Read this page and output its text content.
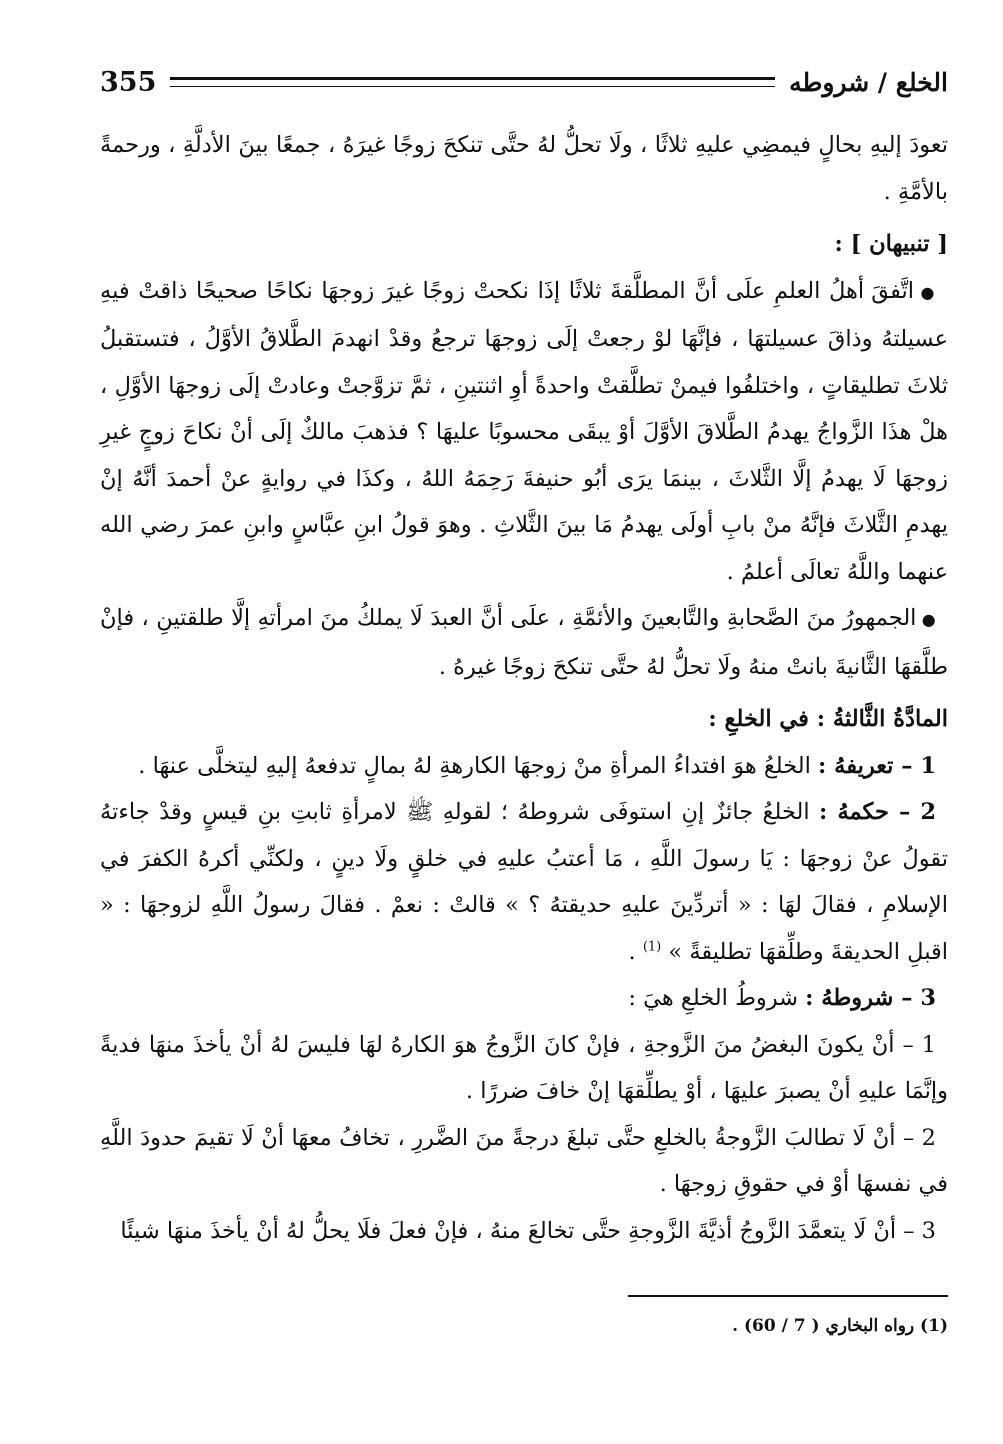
الخلع / شروطه
355

تعودَ إليهِ بحالٍ فيمضِي عليهِ ثلاثًا ، ولَا تحلُّ لهُ حتَّى تنكحَ زوجًا غيرَهُ ، جمعًا بينَ الأدلَّةِ ، ورحمةً بالأمَّةِ .

[ تنبيهان ] :

● اتَّفقَ أهلُ العلمِ علَى أنَّ المطلَّقةَ ثلاثًا إذَا نكحتْ زوجًا غيرَ زوجهَا نكاحًا صحيحًا ذاقتْ فيهِ عسيلتهُ وذاقَ عسيلتهَا ، فإنَّهَا لوْ رجعتْ إلَى زوجهَا ترجعُ وقدْ انهدمَ الطَّلاقُ الأوَّلُ ، فتستقبلُ ثلاثَ تطليقاتٍ ، واختلفُوا فيمنْ تطلَّقتْ واحدةً أوِ اثنتينِ ، ثمَّ تزوَّجتْ وعادتْ إلَى زوجهَا الأوَّلِ ، هلْ هذَا الزَّواجُ يهدمُ الطَّلاقَ الأوَّلَ أوْ يبقَى محسوبًا عليهَا ؟ فذهبَ مالكٌ إلَى أنْ نكاحَ زوجٍ غيرِ زوجهَا لَا يهدمُ إلَّا الثَّلاثَ ، بينمَا يرَى أبُو حنيفةَ رَحِمَهُ اللهُ ، وكذَا في روايةٍ عنْ أحمدَ أنَّهُ إنْ يهدمِ الثَّلاثَ فإنَّهُ منْ بابِ أولَى يهدمُ مَا بينَ الثَّلاثِ . وهوَ قولُ ابنِ عبَّاسٍ وابنِ عمرَ رضي الله عنهما واللَّهُ تعالَى أعلمُ .

● الجمهورُ منَ الصَّحابةِ والتَّابعينَ والأئمَّةِ ، علَى أنَّ العبدَ لَا يملكُ منَ امرأتهِ إلَّا طلقتينِ ، فإنْ طلَّقهَا الثَّانيةَ بانتْ منهُ ولَا تحلُّ لهُ حتَّى تنكحَ زوجًا غيرهُ .

المادَّةُ الثَّالثةُ : في الخلعِ :

1 – تعريفهُ : الخلعُ هوَ افتداءُ المرأةِ منْ زوجهَا الكارهةِ لهُ بمالٍ تدفعهُ إليهِ ليتخلَّى عنهَا .

2 – حكمهُ : الخلعُ جائزٌ إنِ استوفَى شروطهُ ؛ لقولهِ ﷺ لامرأةِ ثابتِ بنِ قيسٍ وقدْ جاءتهُ تقولُ عنْ زوجهَا : يَا رسولَ اللَّهِ ، مَا أعتبُ عليهِ في خلقٍ ولَا دينٍ ، ولكنِّي أكرهُ الكفرَ في الإسلامِ ، فقالَ لهَا : « أتردِّينَ عليهِ حديقتهُ ؟ » قالتْ : نعمْ . فقالَ رسولُ اللَّهِ لزوجهَا : « اقبلِ الحديقةَ وطلِّقهَا تطليقةً » $^{(1)}$ .

3 – شروطهُ : شروطُ الخلعِ هيَ :

1 – أنْ يكونَ البغضُ منَ الزَّوجةِ ، فإنْ كانَ الزَّوجُ هوَ الكارهُ لهَا فليسَ لهُ أنْ يأخذَ منهَا فديةً وإنَّمَا عليهِ أنْ يصبرَ عليهَا ، أوْ يطلِّقهَا إنْ خافَ ضررًا .

2 – أنْ لَا تطالبَ الزَّوجةُ بالخلعِ حتَّى تبلغَ درجةً منَ الضَّررِ ، تخافُ معهَا أنْ لَا تقيمَ حدودَ اللَّهِ في نفسهَا أوْ في حقوقِ زوجهَا .

3 – أنْ لَا يتعمَّدَ الزَّوجُ أذيَّةَ الزَّوجةِ حتَّى تخالعَ منهُ ، فإنْ فعلَ فلَا يحلُّ لهُ أنْ يأخذَ منهَا شيئًا

(1) رواه البخاري ( 7 / 60) .
